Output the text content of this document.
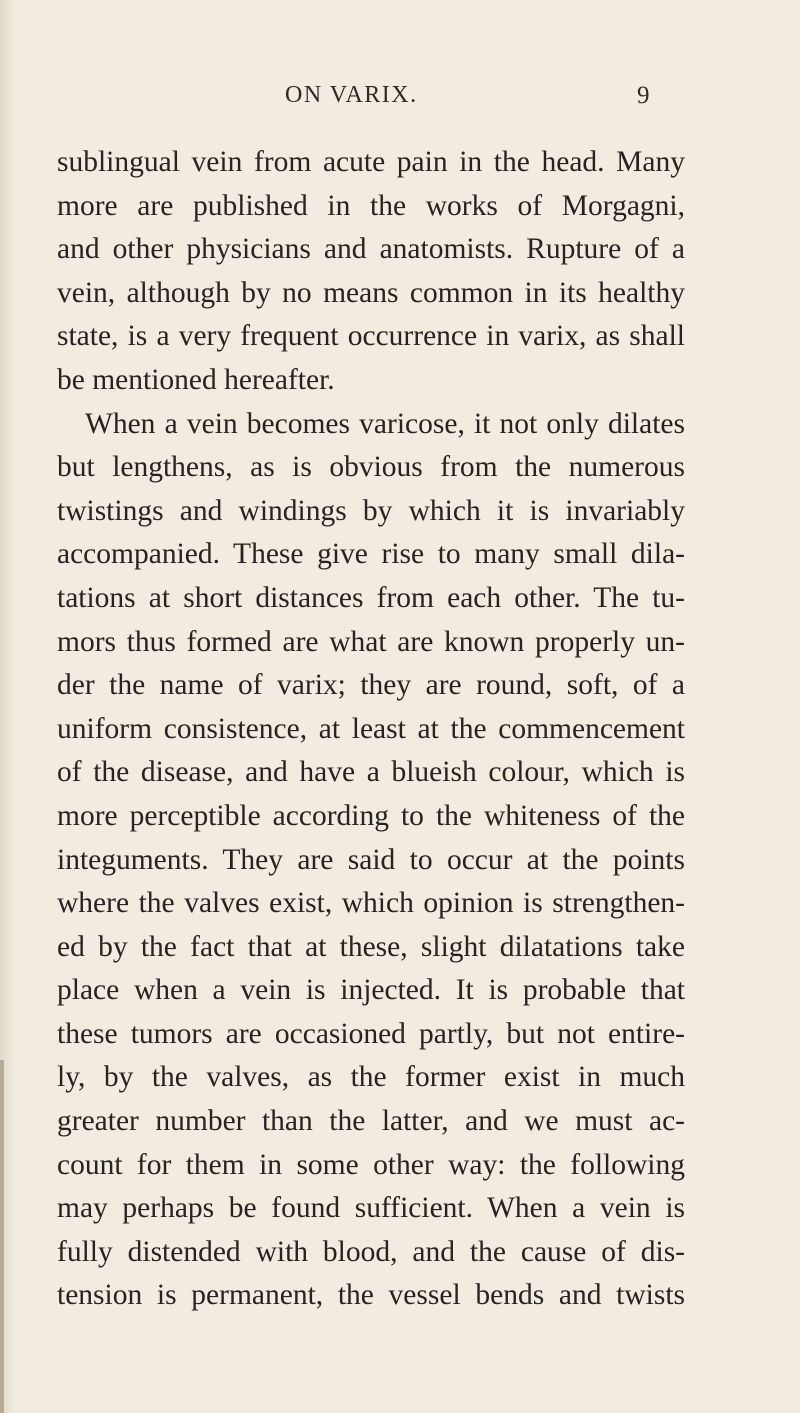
ON VARIX.	9
sublingual vein from acute pain in the head. Many
more are published in the works of Morgagni,
and other physicians and anatomists. Rupture of a
vein, although by no means common in its healthy
state, is a very frequent occurrence in varix, as shall
be mentioned hereafter.
When a vein becomes varicose, it not only dilates
but lengthens, as is obvious from the numerous
twistings and windings by which it is invariably
accompanied. These give rise to many small dila-
tations at short distances from each other. The tu-
mors thus formed are what are known properly un-
der the name of varix; they are round, soft, of a
uniform consistence, at least at the commencement
of the disease, and have a blueish colour, which is
more perceptible according to the whiteness of the
integuments. They are said to occur at the points
where the valves exist, which opinion is strengthen-
ed by the fact that at these, slight dilatations take
place when a vein is injected. It is probable that
these tumors are occasioned partly, but not entire-
ly, by the valves, as the former exist in much
greater number than the latter, and we must ac-
count for them in some other way: the following
may perhaps be found sufficient. When a vein is
fully distended with blood, and the cause of dis-
tension is permanent, the vessel bends and twists
